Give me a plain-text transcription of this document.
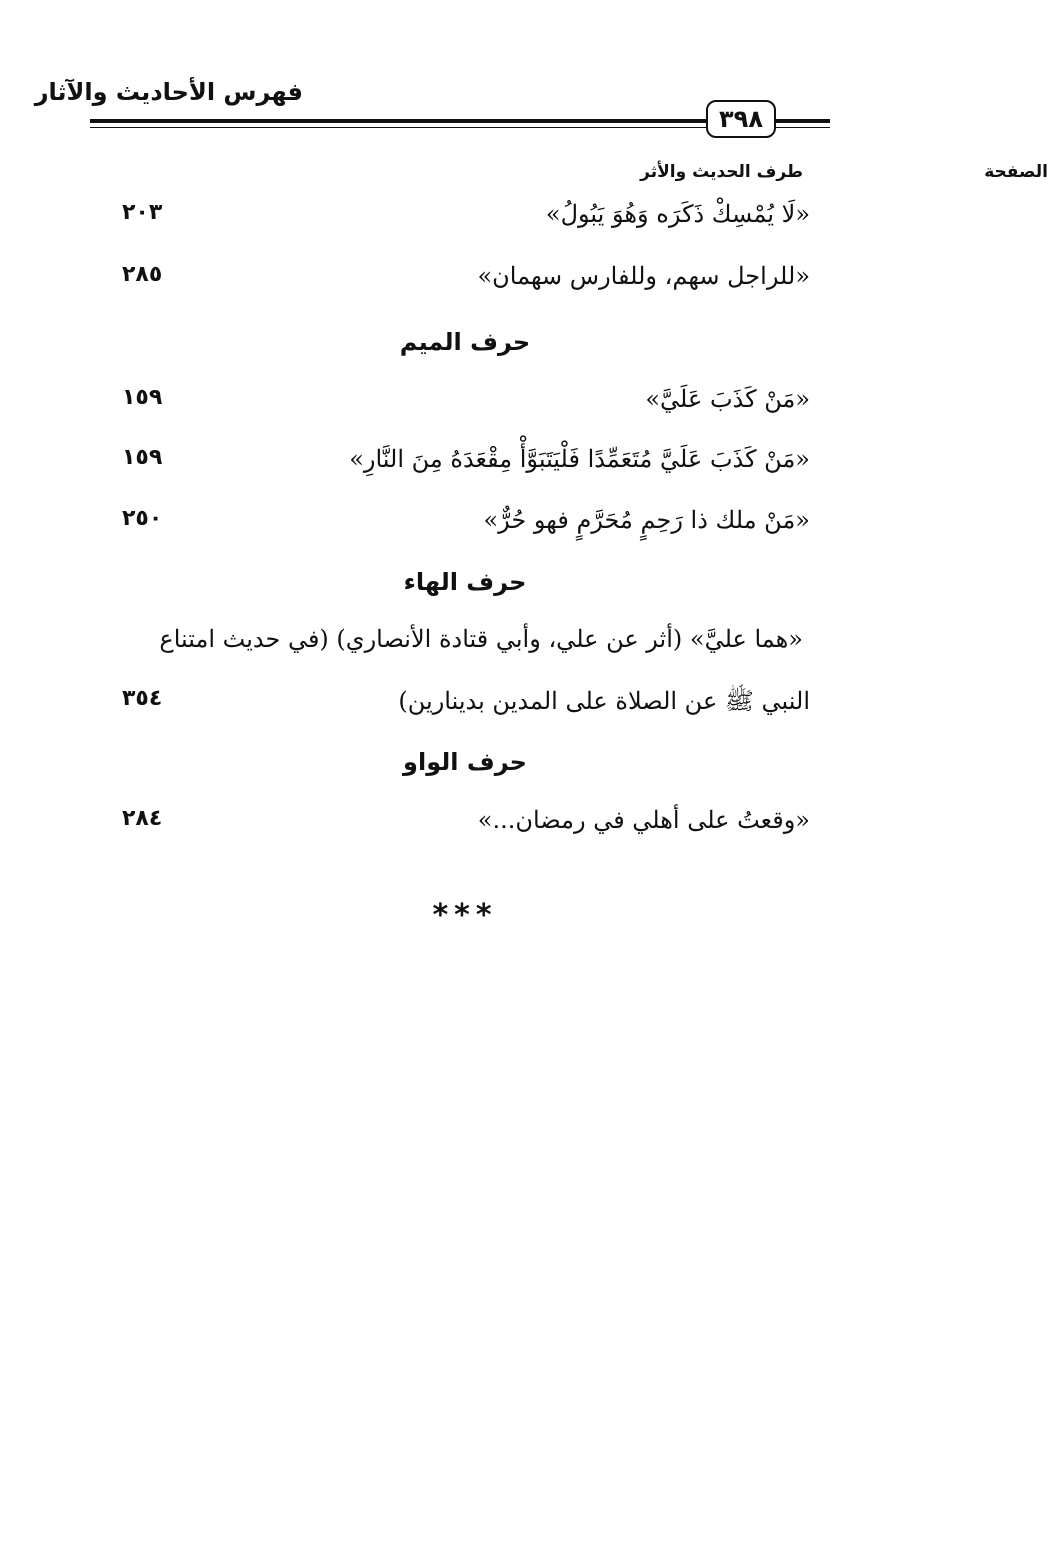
فهرس الأحاديث والآثار
٣٩٨
طرف الحديث والأثر	الصفحة
«لَا يُمْسِكْ ذَكَرَه وَهُوَ يَبُولُ»
٢٠٣
«للراجل سهم، وللفارس سهمان»
٢٨٥
حرف الميم
«مَنْ كَذَبَ عَلَيَّ»
١٥٩
«مَنْ كَذَبَ عَلَيَّ مُتَعَمِّدًا فَلْيَتَبَوَّأْ مِقْعَدَهُ مِنَ النَّارِ»
١٥٩
«مَنْ ملك ذا رَحِمٍ مُحَرَّمٍ فهو حُرٌّ»
٢٥٠
حرف الهاء
«هما عليَّ» (أثر عن علي، وأبي قتادة الأنصاري) (في حديث امتناع
النبي ﷺ عن الصلاة على المدين بدينارين)
٣٥٤
حرف الواو
«وقعتُ على أهلي في رمضان...»
٢٨٤
***
